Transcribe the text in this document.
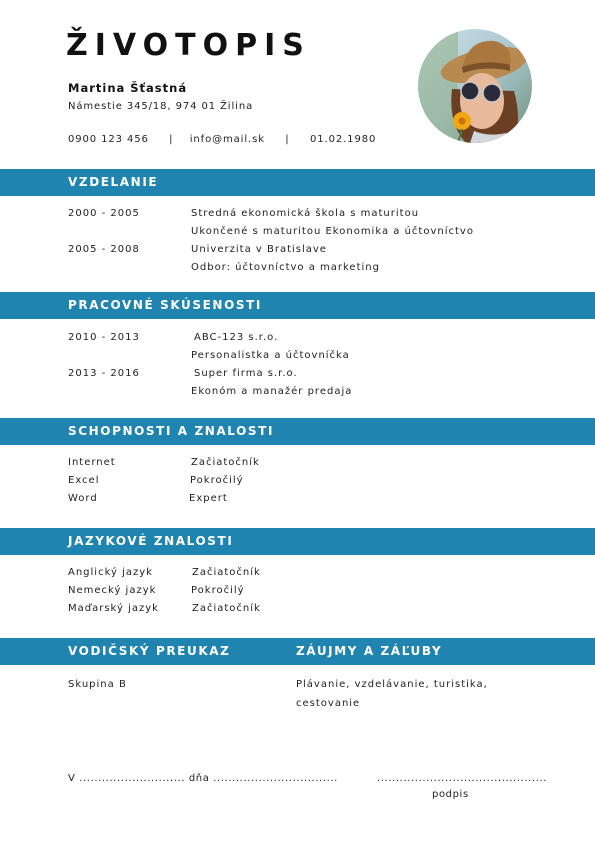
ŽIVOTOPIS
Martina Šťastná
Námestie 345/18, 974 01 Žilina
0900 123 456     |    info@mail.sk     |     01.02.1980
VZDELANIE
2000 - 2005	Stredná ekonomická škola s maturitou
Ukončené s maturitou Ekonomika a účtovníctvo
2005 - 2008	Univerzita v Bratislave
Odbor: účtovníctvo a marketing
PRACOVNÉ SKÚSENOSTI
2010 - 2013	ABC-123 s.r.o.
Personalistka a účtovníčka
2013 - 2016	Super firma s.r.o.
Ekonóm a manažér predaja
SCHOPNOSTI A ZNALOSTI
Internet	Začiatočník
Excel	Pokročilý
Word	Expert
JAZYKOVÉ ZNALOSTI
Anglický jazyk	Začiatočník
Nemecký jazyk	Pokročilý
Maďarský jazyk	Začiatočník
VODIČSKÝ PREUKAZ	ZÁUJMY A ZÁĽUBY
Skupina B	Plávanie, vzdelávanie, turistika,
cestovanie
V ............................ dňa .................................	.............................................
podpis
